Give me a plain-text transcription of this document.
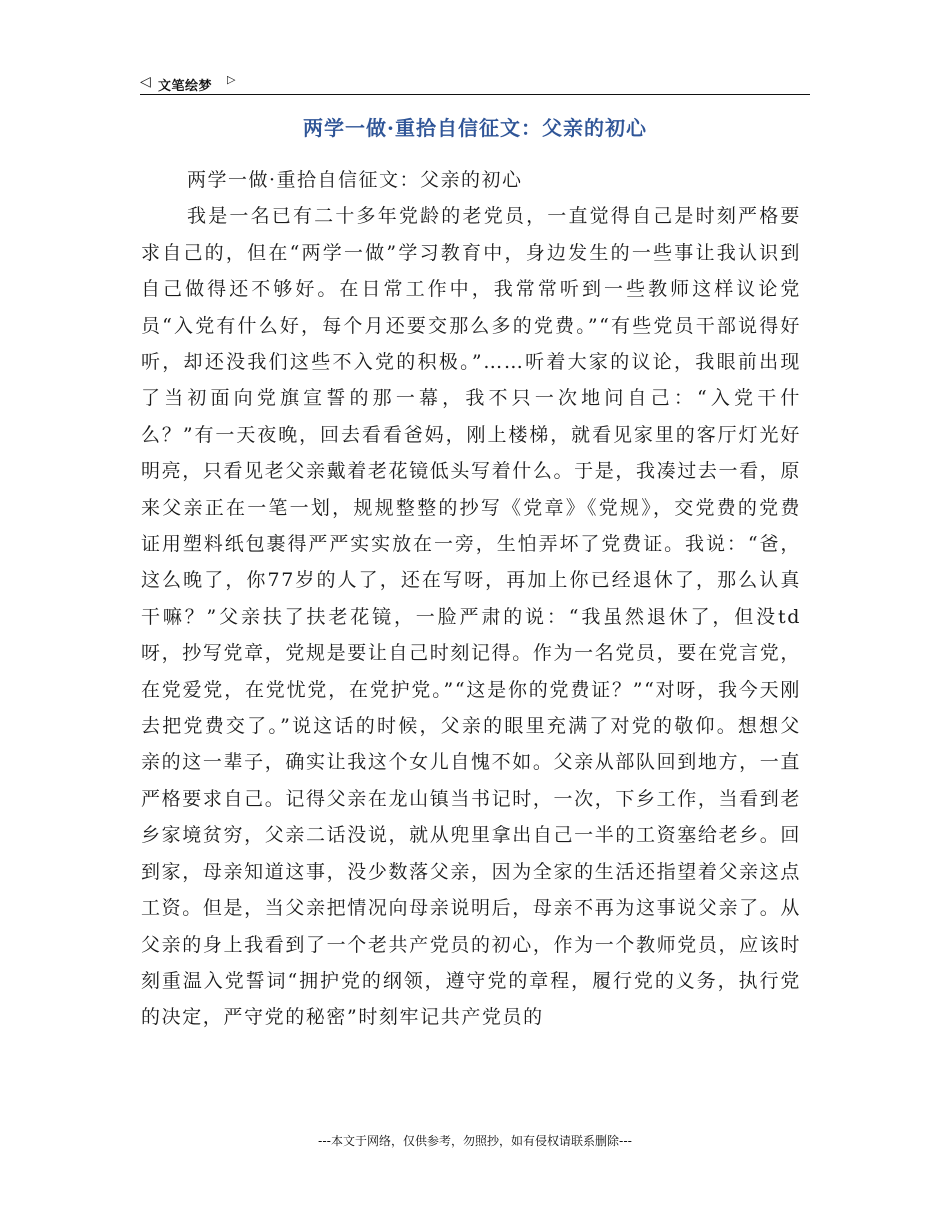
◁ 文笔绘梦 ▷
两学一做·重拾自信征文：父亲的初心
两学一做·重拾自信征文：父亲的初心

我是一名已有二十多年党龄的老党员，一直觉得自己是时刻严格要求自己的，但在“两学一做”学习教育中，身边发生的一些事让我认识到自己做得还不够好。在日常工作中，我常常听到一些教师这样议论党员“入党有什么好，每个月还要交那么多的党费。”“有些党员干部说得好听，却还没我们这些不入党的积极。”……听着大家的议论，我眼前出现了当初面向党旗宣誓的那一幕，我不只一次地问自己：“入党干什么？”有一天夜晚，回去看看爸妈，刚上楼梯，就看见家里的客厅灯光好明亮，只看见老父亲戴着老花镜低头写着什么。于是，我凑过去一看，原来父亲正在一笔一划，规规整整的抄写《党章》《党规》，交党费的党费证用塑料纸包裹得严严实实放在一旁，生怕弄坏了党费证。我说：“爸，这么晚了，你77岁的人了，还在写呀，再加上你已经退休了，那么认真干嘛？”父亲扶了扶老花镜，一脸严肃的说：“我虽然退休了，但没td呀，抄写党章，党规是要让自己时刻记得。作为一名党员，要在党言党，在党爱党，在党忧党，在党护党。”“这是你的党费证？”“对呀，我今天刚去把党费交了。”说这话的时候，父亲的眼里充满了对党的敬仰。想想父亲的这一辈子，确实让我这个女儿自愧不如。父亲从部队回到地方，一直严格要求自己。记得父亲在龙山镇当书记时，一次，下乡工作，当看到老乡家境贫穷，父亲二话没说，就从兜里拿出自己一半的工资塞给老乡。回到家，母亲知道这事，没少数落父亲，因为全家的生活还指望着父亲这点工资。但是，当父亲把情况向母亲说明后，母亲不再为这事说父亲了。从父亲的身上我看到了一个老共产党员的初心，作为一个教师党员，应该时刻重温入党誓词“拥护党的纲领，遵守党的章程，履行党的义务，执行党的决定，严守党的秘密”时刻牢记共产党员的

---本文于网络，仅供参考，勿照抄，如有侵权请联系删除---
